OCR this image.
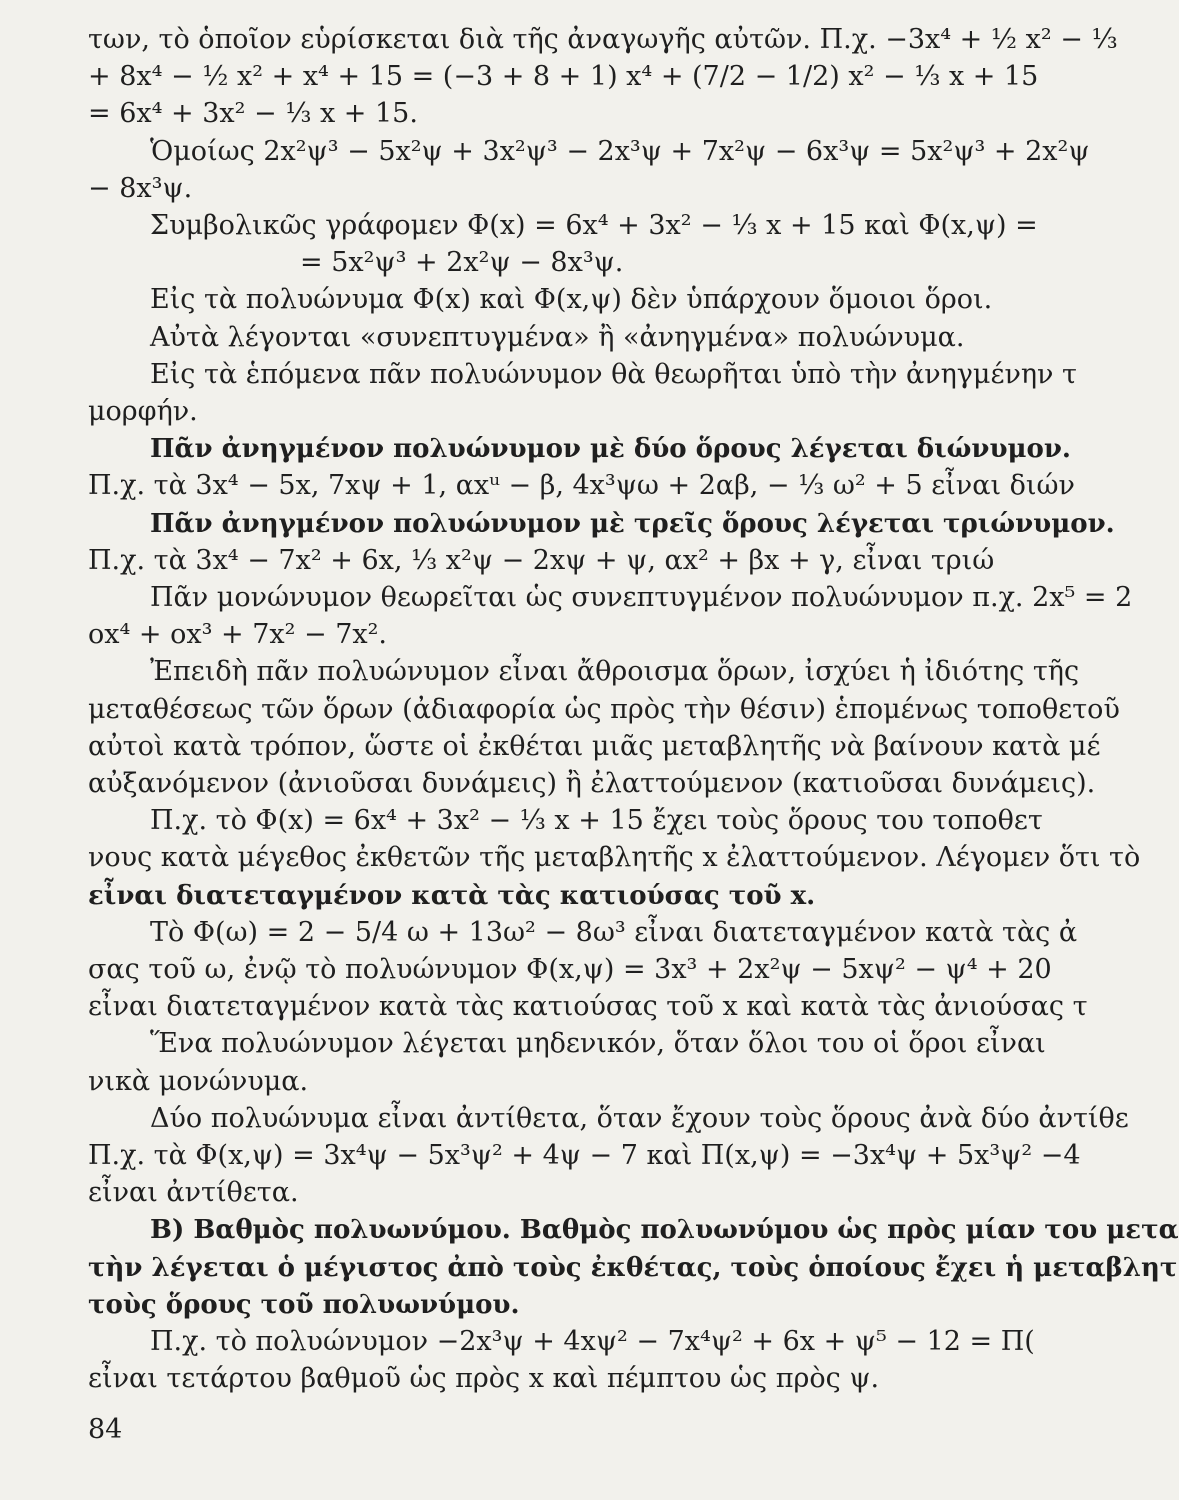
των, τὸ ὁποῖον εὑρίσκεται διὰ τῆς ἀναγωγῆς αὐτῶν. Π.χ. −3x⁴ + ½ x² − ⅓
+ 8x⁴ − ½ x² + x⁴ + 15 = (−3 + 8 + 1) x⁴ + (7/2 − 1/2) x² − ⅓ x + 15
= 6x⁴ + 3x² − ⅓ x + 15.
Ὁμοίως 2x²ψ³ − 5x²ψ + 3x²ψ³ − 2x³ψ + 7x²ψ − 6x³ψ = 5x²ψ³ + 2x²ψ
− 8x³ψ.
Συμβολικῶς γράφομεν Φ(x) = 6x⁴ + 3x² − ⅓ x + 15 καὶ Φ(x,ψ) =
= 5x²ψ³ + 2x²ψ − 8x³ψ.
Εἰς τὰ πολυώνυμα Φ(x) καὶ Φ(x,ψ) δὲν ὑπάρχουν ὅμοιοι ὅροι.
Αὐτὰ λέγονται «συνεπτυγμένα» ἢ «ἀνηγμένα» πολυώνυμα.
Εἰς τὰ ἑπόμενα πᾶν πολυώνυμον θὰ θεωρῆται ὑπὸ τὴν ἀνηγμένην τ
μορφήν.
Πᾶν ἀνηγμένον πολυώνυμον μὲ δύο ὅρους λέγεται διώνυμον.
Π.χ. τὰ 3x⁴ − 5x, 7xψ + 1, αxᵘ − β, 4x³ψω + 2αβ, − ⅓ ω² + 5 εἶναι διών
Πᾶν ἀνηγμένον πολυώνυμον μὲ τρεῖς ὅρους λέγεται τριώνυμον.
Π.χ. τὰ 3x⁴ − 7x² + 6x, ⅓ x²ψ − 2xψ + ψ, αx² + βx + γ, εἶναι τριώ
Πᾶν μονώνυμον θεωρεῖται ὡς συνεπτυγμένον πολυώνυμον π.χ. 2x⁵ = 2
οx⁴ + οx³ + 7x² − 7x².
Ἐπειδὴ πᾶν πολυώνυμον εἶναι ἄθροισμα ὅρων, ἰσχύει ἡ ἰδιότης τῆς
μεταθέσεως τῶν ὅρων (ἀδιαφορία ὡς πρὸς τὴν θέσιν) ἑπομένως τοποθετοῦ
αὐτοὶ κατὰ τρόπον, ὥστε οἱ ἐκθέται μιᾶς μεταβλητῆς νὰ βαίνουν κατὰ μέ
αὐξανόμενον (ἀνιοῦσαι δυνάμεις) ἢ ἐλαττούμενον (κατιοῦσαι δυνάμεις).
Π.χ. τὸ Φ(x) = 6x⁴ + 3x² − ⅓ x + 15 ἔχει τοὺς ὅρους του τοποθετ
νους κατὰ μέγεθος ἐκθετῶν τῆς μεταβλητῆς x ἐλαττούμενον. Λέγομεν ὅτι τὸ
εἶναι διατεταγμένον κατὰ τὰς κατιούσας τοῦ x.
Τὸ Φ(ω) = 2 − 5/4 ω + 13ω² − 8ω³ εἶναι διατεταγμένον κατὰ τὰς ἀ
σας τοῦ ω, ἐνῷ τὸ πολυώνυμον Φ(x,ψ) = 3x³ + 2x²ψ − 5xψ² − ψ⁴ + 20
εἶναι διατεταγμένον κατὰ τὰς κατιούσας τοῦ x καὶ κατὰ τὰς ἀνιούσας τ
Ἕνα πολυώνυμον λέγεται μηδενικόν, ὅταν ὅλοι του οἱ ὅροι εἶναι
νικὰ μονώνυμα.
Δύο πολυώνυμα εἶναι ἀντίθετα, ὅταν ἔχουν τοὺς ὅρους ἀνὰ δύο ἀντίθε
Π.χ. τὰ Φ(x,ψ) = 3x⁴ψ − 5x³ψ² + 4ψ − 7 καὶ Π(x,ψ) = −3x⁴ψ + 5x³ψ² −4
εἶναι ἀντίθετα.
Β) Βαθμὸς πολυωνύμου. Βαθμὸς πολυωνύμου ὡς πρὸς μίαν του μετα
τὴν λέγεται ὁ μέγιστος ἀπὸ τοὺς ἐκθέτας, τοὺς ὁποίους ἔχει ἡ μεταβλητ
τοὺς ὅρους τοῦ πολυωνύμου.
Π.χ. τὸ πολυώνυμον −2x³ψ + 4xψ² − 7x⁴ψ² + 6x + ψ⁵ − 12 = Π(
εἶναι τετάρτου βαθμοῦ ὡς πρὸς x καὶ πέμπτου ὡς πρὸς ψ.
84
